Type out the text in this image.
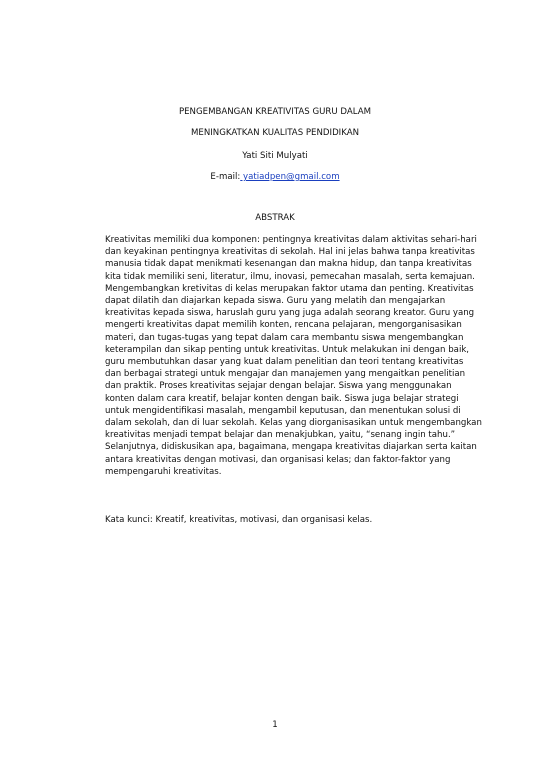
PENGEMBANGAN KREATIVITAS GURU DALAM
MENINGKATKAN KUALITAS PENDIDIKAN
Yati Siti Mulyati
E-mail: yatiadpen@gmail.com
ABSTRAK
Kreativitas memiliki dua komponen: pentingnya kreativitas dalam aktivitas sehari-hari
dan keyakinan pentingnya kreativitas di sekolah. Hal ini jelas bahwa tanpa kreativitas
manusia tidak dapat menikmati kesenangan dan makna hidup, dan tanpa kreativitas
kita tidak memiliki seni, literatur, ilmu, inovasi, pemecahan masalah, serta kemajuan.
Mengembangkan kretivitas di kelas merupakan faktor utama dan penting. Kreativitas
dapat dilatih dan diajarkan kepada siswa. Guru yang melatih dan mengajarkan
kreativitas kepada siswa, haruslah guru yang juga adalah seorang kreator. Guru yang
mengerti kreativitas dapat memilih konten, rencana pelajaran, mengorganisasikan
materi, dan tugas-tugas yang tepat dalam cara membantu siswa mengembangkan
keterampilan dan sikap penting untuk kreativitas. Untuk melakukan ini dengan baik,
guru membutuhkan dasar yang kuat dalam penelitian dan teori tentang kreativitas
dan berbagai strategi untuk mengajar dan manajemen yang mengaitkan penelitian
dan praktik. Proses kreativitas sejajar dengan belajar. Siswa yang menggunakan
konten dalam cara kreatif, belajar konten dengan baik. Siswa juga belajar strategi
untuk mengidentifikasi masalah, mengambil keputusan, dan menentukan solusi di
dalam sekolah, dan di luar sekolah. Kelas yang diorganisasikan untuk mengembangkan
kreativitas menjadi tempat belajar dan menakjubkan, yaitu, “senang ingin tahu.”
Selanjutnya, didiskusikan apa, bagaimana, mengapa kreativitas diajarkan serta kaitan
antara kreativitas dengan motivasi, dan organisasi kelas; dan faktor-faktor yang
mempengaruhi kreativitas.
Kata kunci: Kreatif, kreativitas, motivasi, dan organisasi kelas.
1
